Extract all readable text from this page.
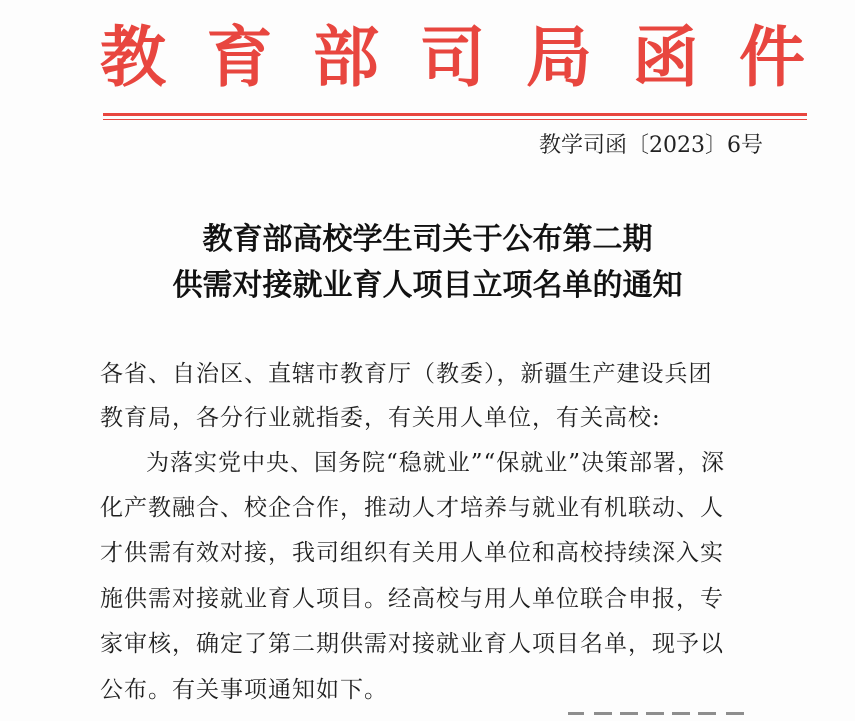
教 育 部 司 局 函 件
教学司函〔2023〕6号
教育部高校学生司关于公布第二期
供需对接就业育人项目立项名单的通知
各省、自治区、直辖市教育厅（教委），新疆生产建设兵团
教育局，各分行业就指委，有关用人单位，有关高校:
为落实党中央、国务院“稳就业”“保就业”决策部署，深
化产教融合、校企合作，推动人才培养与就业有机联动、人
才供需有效对接，我司组织有关用人单位和高校持续深入实
施供需对接就业育人项目。经高校与用人单位联合申报，专
家审核，确定了第二期供需对接就业育人项目名单，现予以
公布。有关事项通知如下。
